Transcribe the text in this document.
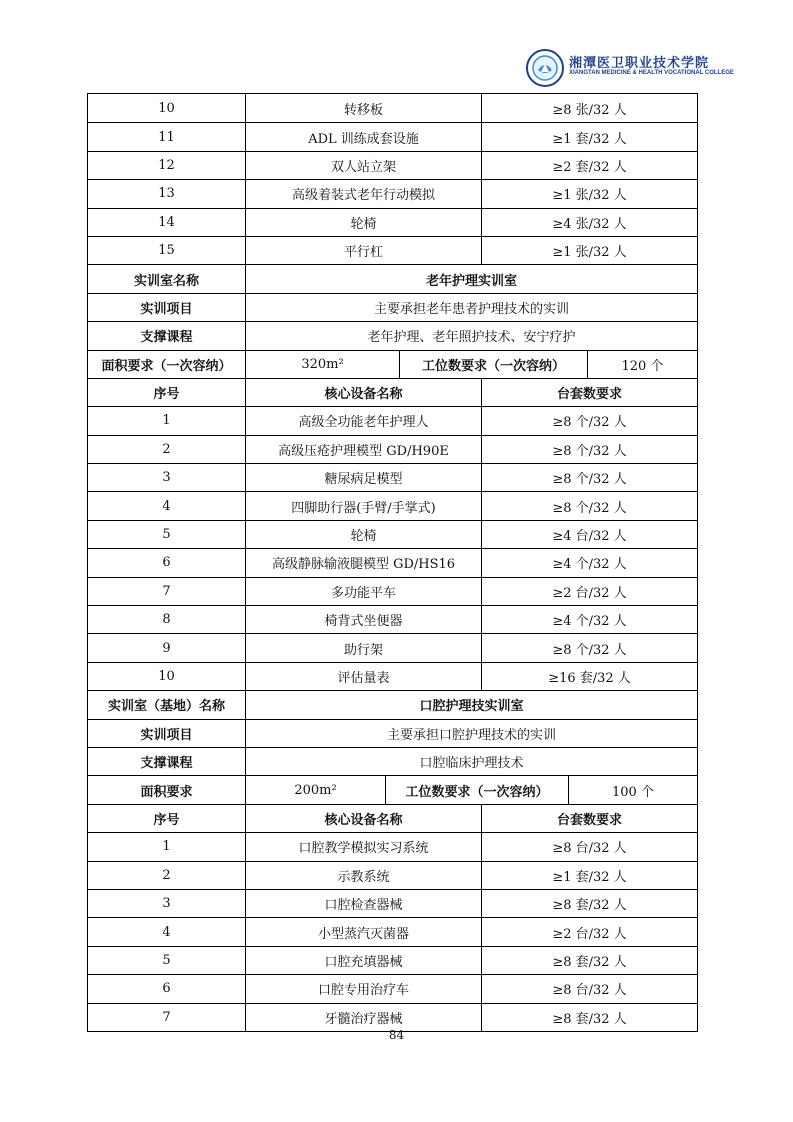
湘潭医卫职业技术学院
XIANGTAN MEDICINE & HEALTH VOCATIONAL COLLEGE
10	转移板	≥8 张/32 人
11	ADL 训练成套设施	≥1 套/32 人
12	双人站立架	≥2 套/32 人
13	高级着装式老年行动模拟	≥1 张/32 人
14	轮椅	≥4 张/32 人
15	平行杠	≥1 张/32 人
实训室名称	老年护理实训室
实训项目	主要承担老年患者护理技术的实训
支撑课程	老年护理、老年照护技术、安宁疗护
面积要求（一次容纳）	320m²	工位数要求（一次容纳）	120 个
序号	核心设备名称	台套数要求
1	高级全功能老年护理人	≥8 个/32 人
2	高级压疮护理模型 GD/H90E	≥8 个/32 人
3	糖尿病足模型	≥8 个/32 人
4	四脚助行器(手臂/手掌式)	≥8 个/32 人
5	轮椅	≥4 台/32 人
6	高级静脉输液腿模型 GD/HS16	≥4 个/32 人
7	多功能平车	≥2 台/32 人
8	椅背式坐便器	≥4 个/32 人
9	助行架	≥8 个/32 人
10	评估量表	≥16 套/32 人
实训室（基地）名称	口腔护理技实训室
实训项目	主要承担口腔护理技术的实训
支撑课程	口腔临床护理技术
面积要求	200m²	工位数要求（一次容纳）	100 个
序号	核心设备名称	台套数要求
1	口腔教学模拟实习系统	≥8 台/32 人
2	示教系统	≥1 套/32 人
3	口腔检查器械	≥8 套/32 人
4	小型蒸汽灭菌器	≥2 台/32 人
5	口腔充填器械	≥8 套/32 人
6	口腔专用治疗车	≥8 台/32 人
7	牙髓治疗器械	≥8 套/32 人
84
